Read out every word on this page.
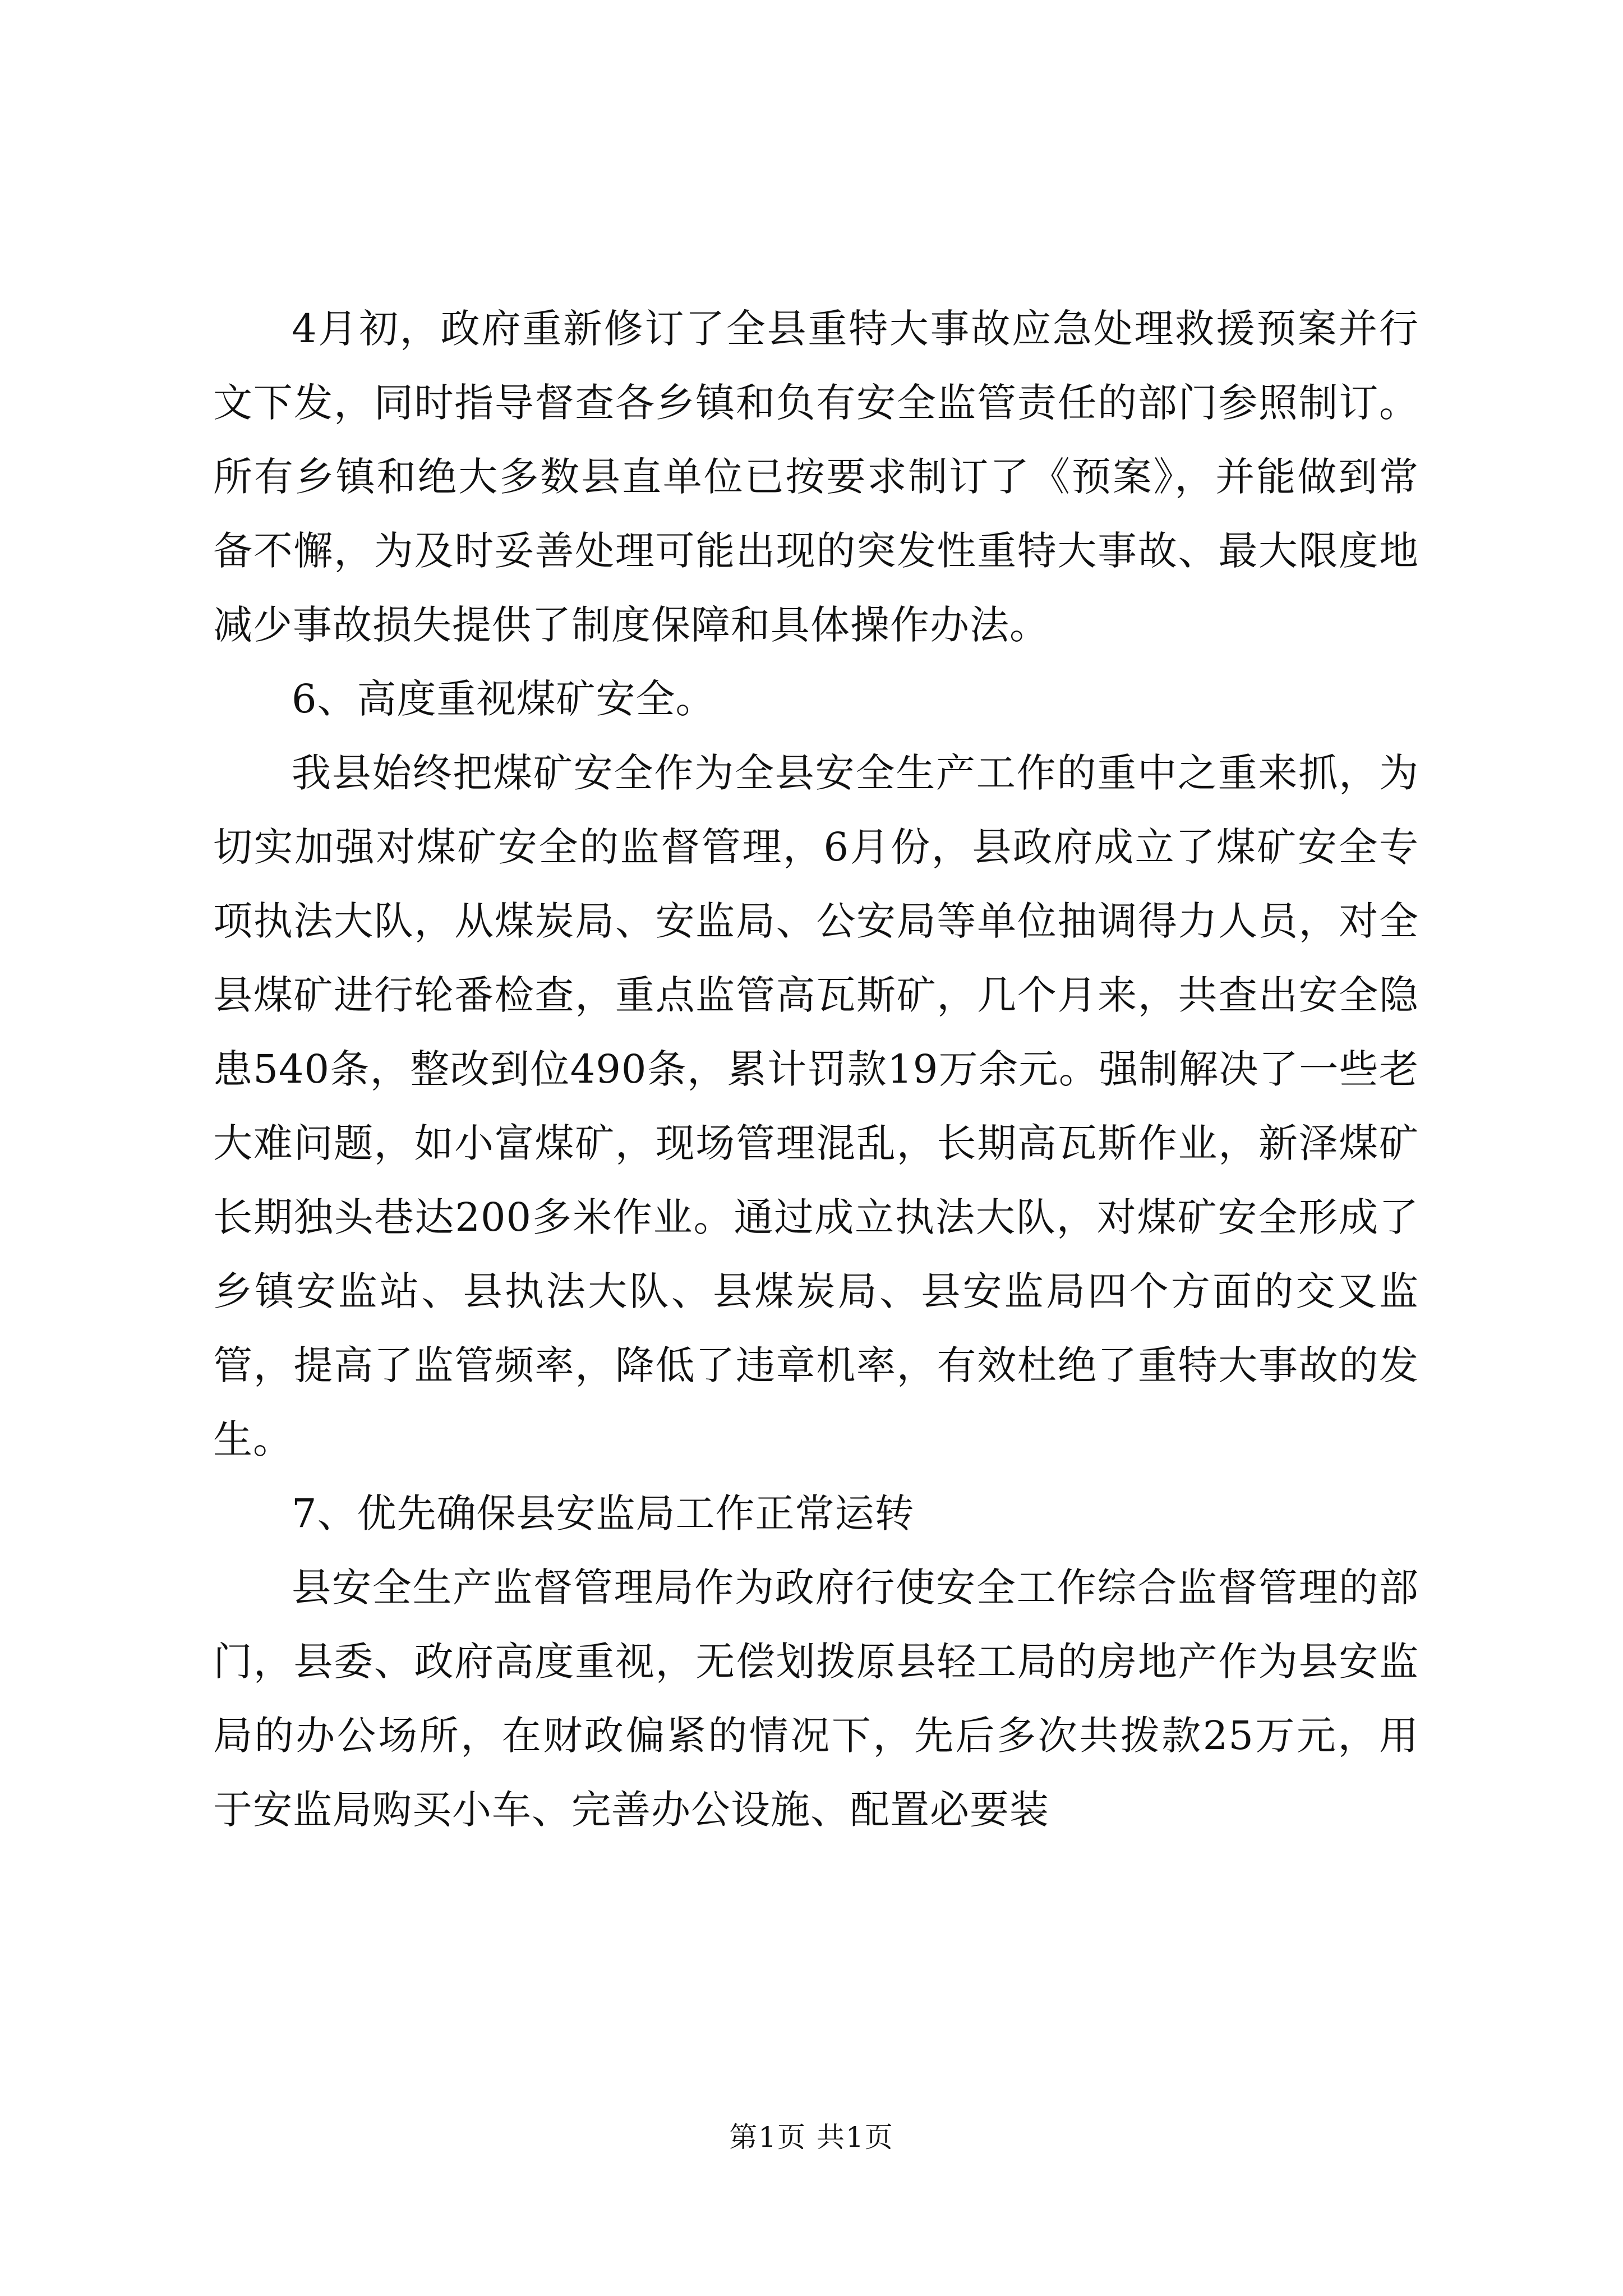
4月初，政府重新修订了全县重特大事故应急处理救援预案并行文下发，同时指导督查各乡镇和负有安全监管责任的部门参照制订。所有乡镇和绝大多数县直单位已按要求制订了《预案》，并能做到常备不懈，为及时妥善处理可能出现的突发性重特大事故、最大限度地减少事故损失提供了制度保障和具体操作办法。

6、高度重视煤矿安全。

我县始终把煤矿安全作为全县安全生产工作的重中之重来抓，为切实加强对煤矿安全的监督管理，6月份，县政府成立了煤矿安全专项执法大队，从煤炭局、安监局、公安局等单位抽调得力人员，对全县煤矿进行轮番检查，重点监管高瓦斯矿，几个月来，共查出安全隐患540条，整改到位490条，累计罚款19万余元。强制解决了一些老大难问题，如小富煤矿，现场管理混乱，长期高瓦斯作业，新泽煤矿长期独头巷达200多米作业。通过成立执法大队，对煤矿安全形成了乡镇安监站、县执法大队、县煤炭局、县安监局四个方面的交叉监管，提高了监管频率，降低了违章机率，有效杜绝了重特大事故的发生。

7、优先确保县安监局工作正常运转

县安全生产监督管理局作为政府行使安全工作综合监督管理的部门，县委、政府高度重视，无偿划拨原县轻工局的房地产作为县安监局的办公场所，在财政偏紧的情况下，先后多次共拨款25万元，用于安监局购买小车、完善办公设施、配置必要装

第1页 共1页
